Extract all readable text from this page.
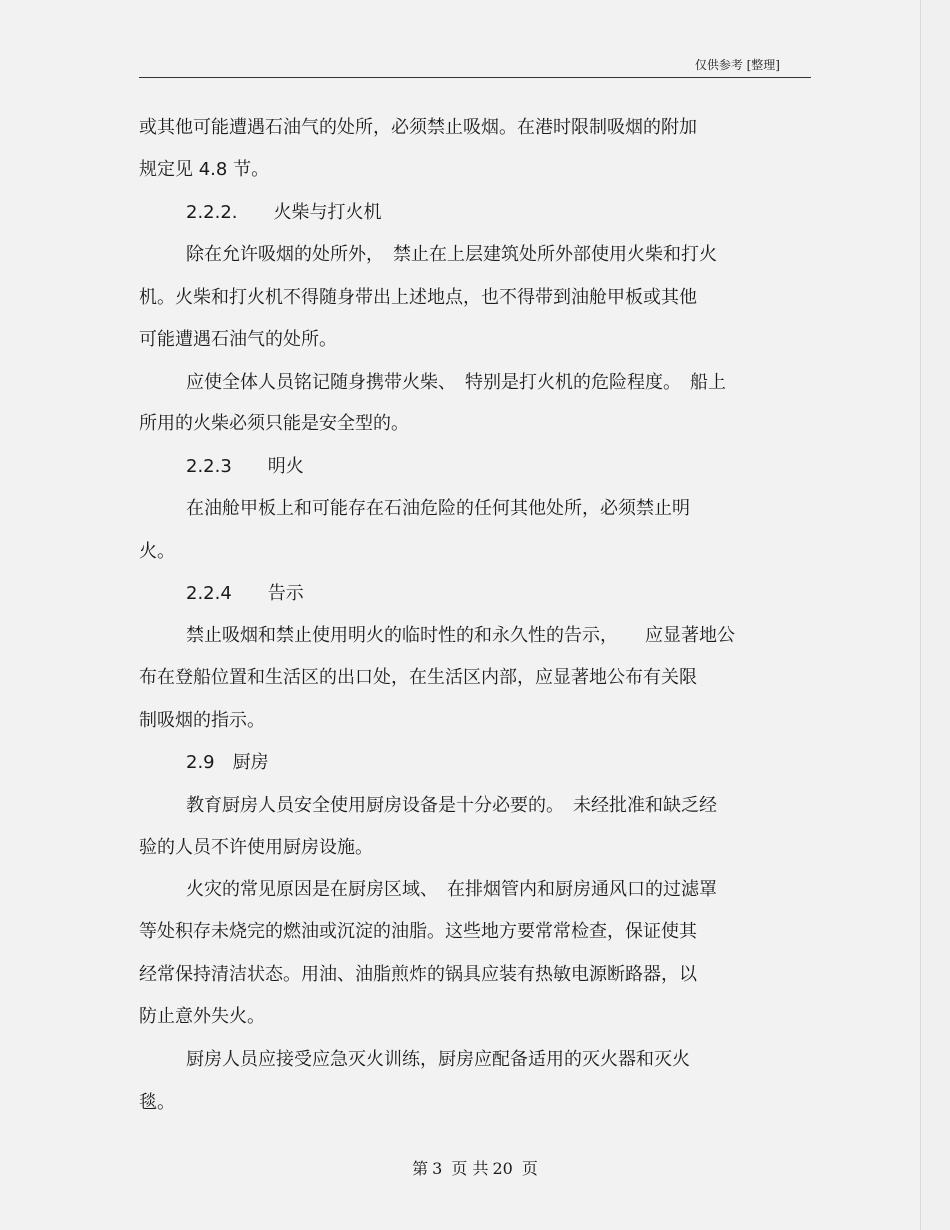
仅供参考 [整理]
或其他可能遭遇石油气的处所，必须禁止吸烟。在港时限制吸烟的附加
规定见 4.8 节。
2.2.2.　　火柴与打火机
除在允许吸烟的处所外，　禁止在上层建筑处所外部使用火柴和打火
机。火柴和打火机不得随身带出上述地点，也不得带到油舱甲板或其他
可能遭遇石油气的处所。
应使全体人员铭记随身携带火柴、　特别是打火机的危险程度。　船上
所用的火柴必须只能是安全型的。
2.2.3　　明火
在油舱甲板上和可能存在石油危险的任何其他处所，必须禁止明
火。
2.2.4　　告示
禁止吸烟和禁止使用明火的临时性的和永久性的告示，　　应显著地公
布在登船位置和生活区的出口处，在生活区内部，应显著地公布有关限
制吸烟的指示。
2.9　厨房
教育厨房人员安全使用厨房设备是十分必要的。　未经批准和缺乏经
验的人员不许使用厨房设施。
火灾的常见原因是在厨房区域、　在排烟管内和厨房通风口的过滤罩
等处积存未烧完的燃油或沉淀的油脂。这些地方要常常检查，保证使其
经常保持清洁状态。用油、油脂煎炸的锅具应装有热敏电源断路器，以
防止意外失火。
厨房人员应接受应急灭火训练，厨房应配备适用的灭火器和灭火
毯。
第 3 页 共 20 页
